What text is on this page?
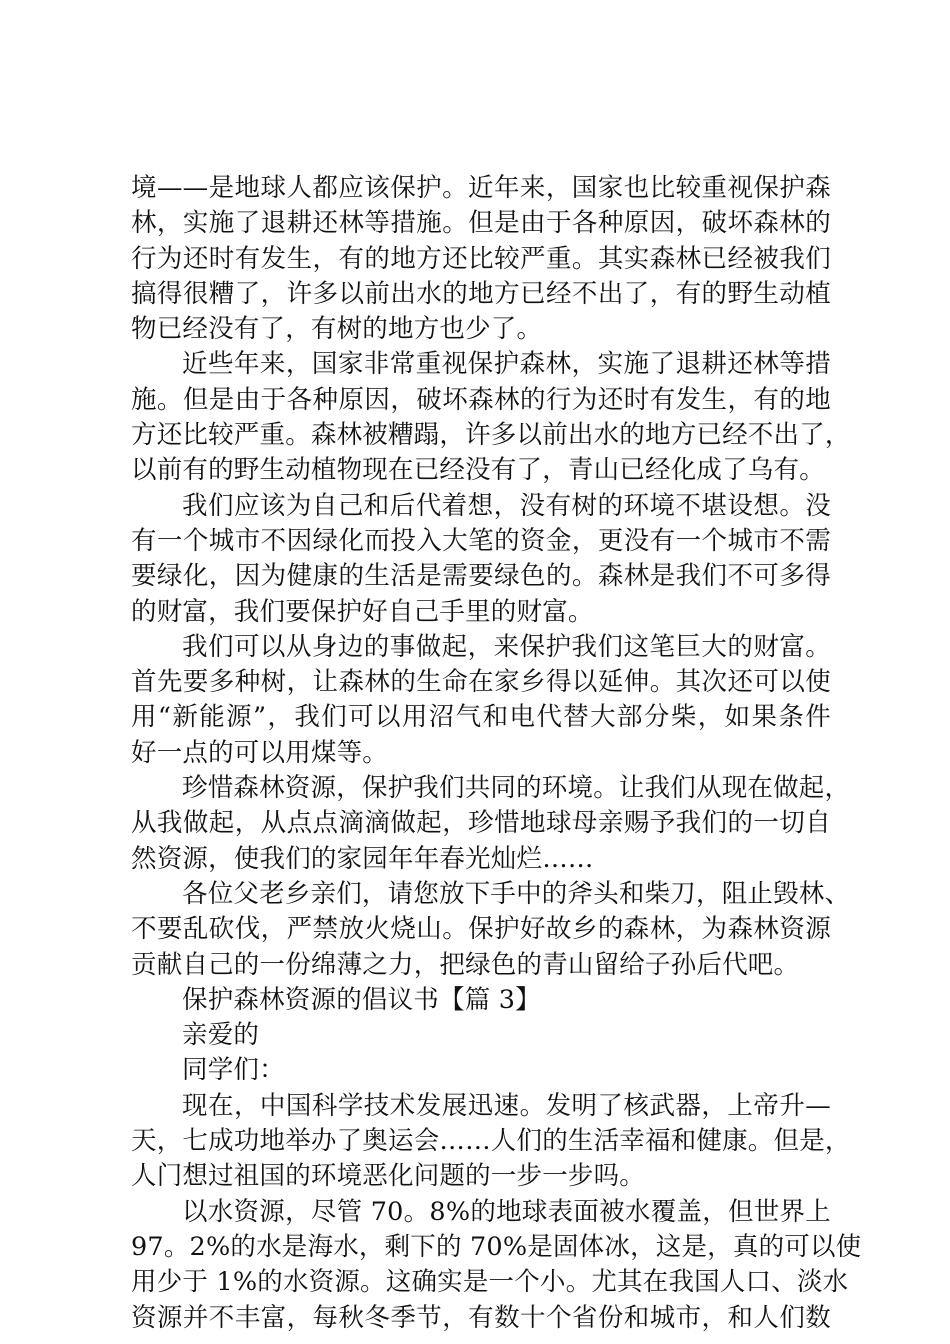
境——是地球人都应该保护。近年来，国家也比较重视保护森
林，实施了退耕还林等措施。但是由于各种原因，破坏森林的
行为还时有发生，有的地方还比较严重。其实森林已经被我们
搞得很糟了，许多以前出水的地方已经不出了，有的野生动植
物已经没有了，有树的地方也少了。
近些年来，国家非常重视保护森林，实施了退耕还林等措
施。但是由于各种原因，破坏森林的行为还时有发生，有的地
方还比较严重。森林被糟蹋，许多以前出水的地方已经不出了，
以前有的野生动植物现在已经没有了，青山已经化成了乌有。
我们应该为自己和后代着想，没有树的环境不堪设想。没
有一个城市不因绿化而投入大笔的资金，更没有一个城市不需
要绿化，因为健康的生活是需要绿色的。森林是我们不可多得
的财富，我们要保护好自己手里的财富。
我们可以从身边的事做起，来保护我们这笔巨大的财富。
首先要多种树，让森林的生命在家乡得以延伸。其次还可以使
用“新能源”，我们可以用沼气和电代替大部分柴，如果条件
好一点的可以用煤等。
珍惜森林资源，保护我们共同的环境。让我们从现在做起，
从我做起，从点点滴滴做起，珍惜地球母亲赐予我们的一切自
然资源，使我们的家园年年春光灿烂……
各位父老乡亲们，请您放下手中的斧头和柴刀，阻止毁林、
不要乱砍伐，严禁放火烧山。保护好故乡的森林，为森林资源
贡献自己的一份绵薄之力，把绿色的青山留给子孙后代吧。
保护森林资源的倡议书【篇 3】
亲爱的
同学们：
现在，中国科学技术发展迅速。发明了核武器，上帝升—
天，七成功地举办了奥运会……人们的生活幸福和健康。但是，
人门想过祖国的环境恶化问题的一步一步吗。
以水资源，尽管 70。8%的地球表面被水覆盖，但世界上
97。2%的水是海水，剩下的 70%是固体冰，这是，真的可以使
用少于 1%的水资源。这确实是一个小。尤其在我国人口、淡水
资源并不丰富，每秋冬季节，有数十个省份和城市，和人们数
